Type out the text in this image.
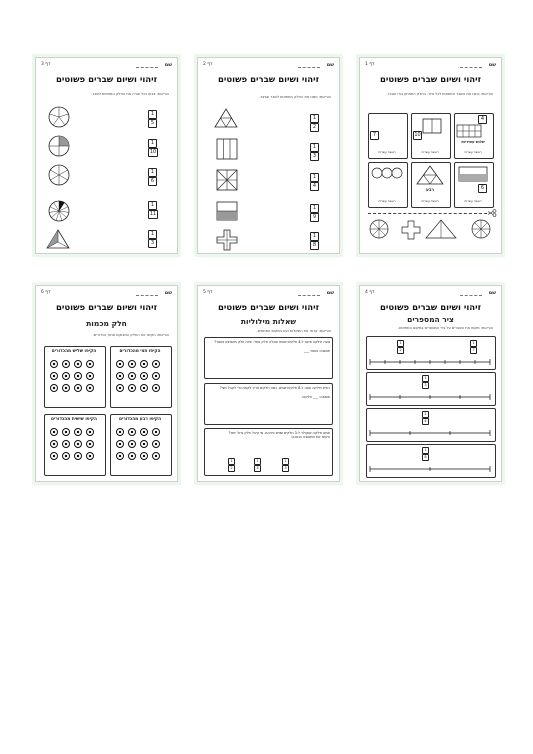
דף 1	שם
זיהוי ושיום שברים פשוטים
הוראות: כתבו את השבר המתאים לכל ציור. בחלק התחתון גזרו וחברו.
7	10
4
שלוש עשיריות
ראשה עשרית	ראשה עשרית	ראשה עשרית
6
רבע
ראשה עשרית	ראשה עשרית	ראשה עשרית
דף 2	שם
זיהוי ושיום שברים פשוטים
הוראות: סמנו את החלק המתאים לשבר שבצד.
1
2
1
3
1
4
1
9
1
8
דף 3	שם
זיהוי ושיום שברים פשוטים
הוראות: צבעו בכל צורה את החלק המתאים לשבר.
1
5
1
10
1
6
1
11
1
3
דף 4	שם
זיהוי ושיום שברים פשוטים
ציר המספרים
הוראות: מקמו את השברים על ציר המספרים במקום המתאים.
1
2
1
7
1
3
1
4
1
8
דף 5	שם
זיהוי ושיום שברים פשוטים
שאלות מילוליות
הוראות: קראו את השאלות וענו במקום המתאים.
נועה חילקה פיצה ל-4 חלקים שווים ואכלה חלק אחד. איזה חלק מהפיצה נשאר?

תשובה: נשאר ___
רונית חילקה עוגה ל-8 חלקים שווים. כמה חלקים צריך לקחת כדי לקבל חצי?

תשובה: ___ חלקים
אמא חילקה שוקולד ל-3 חלקים שווים ביניהם. מי קיבל חלק גדול יותר?
הקיפו את התשובה הנכונה:
1
2
1
3
1
3
דף 6	שם
זיהוי ושיום שברים פשוטים
חלק מכמות
הוראות: הקיפו את החלק המבוקש מתוך הכדורים.
הקיפו חצי מהכדורים
הקיפו שליש מהכדורים
הקיפו רבע מהכדורים
הקיפו שישית מהכדורים
